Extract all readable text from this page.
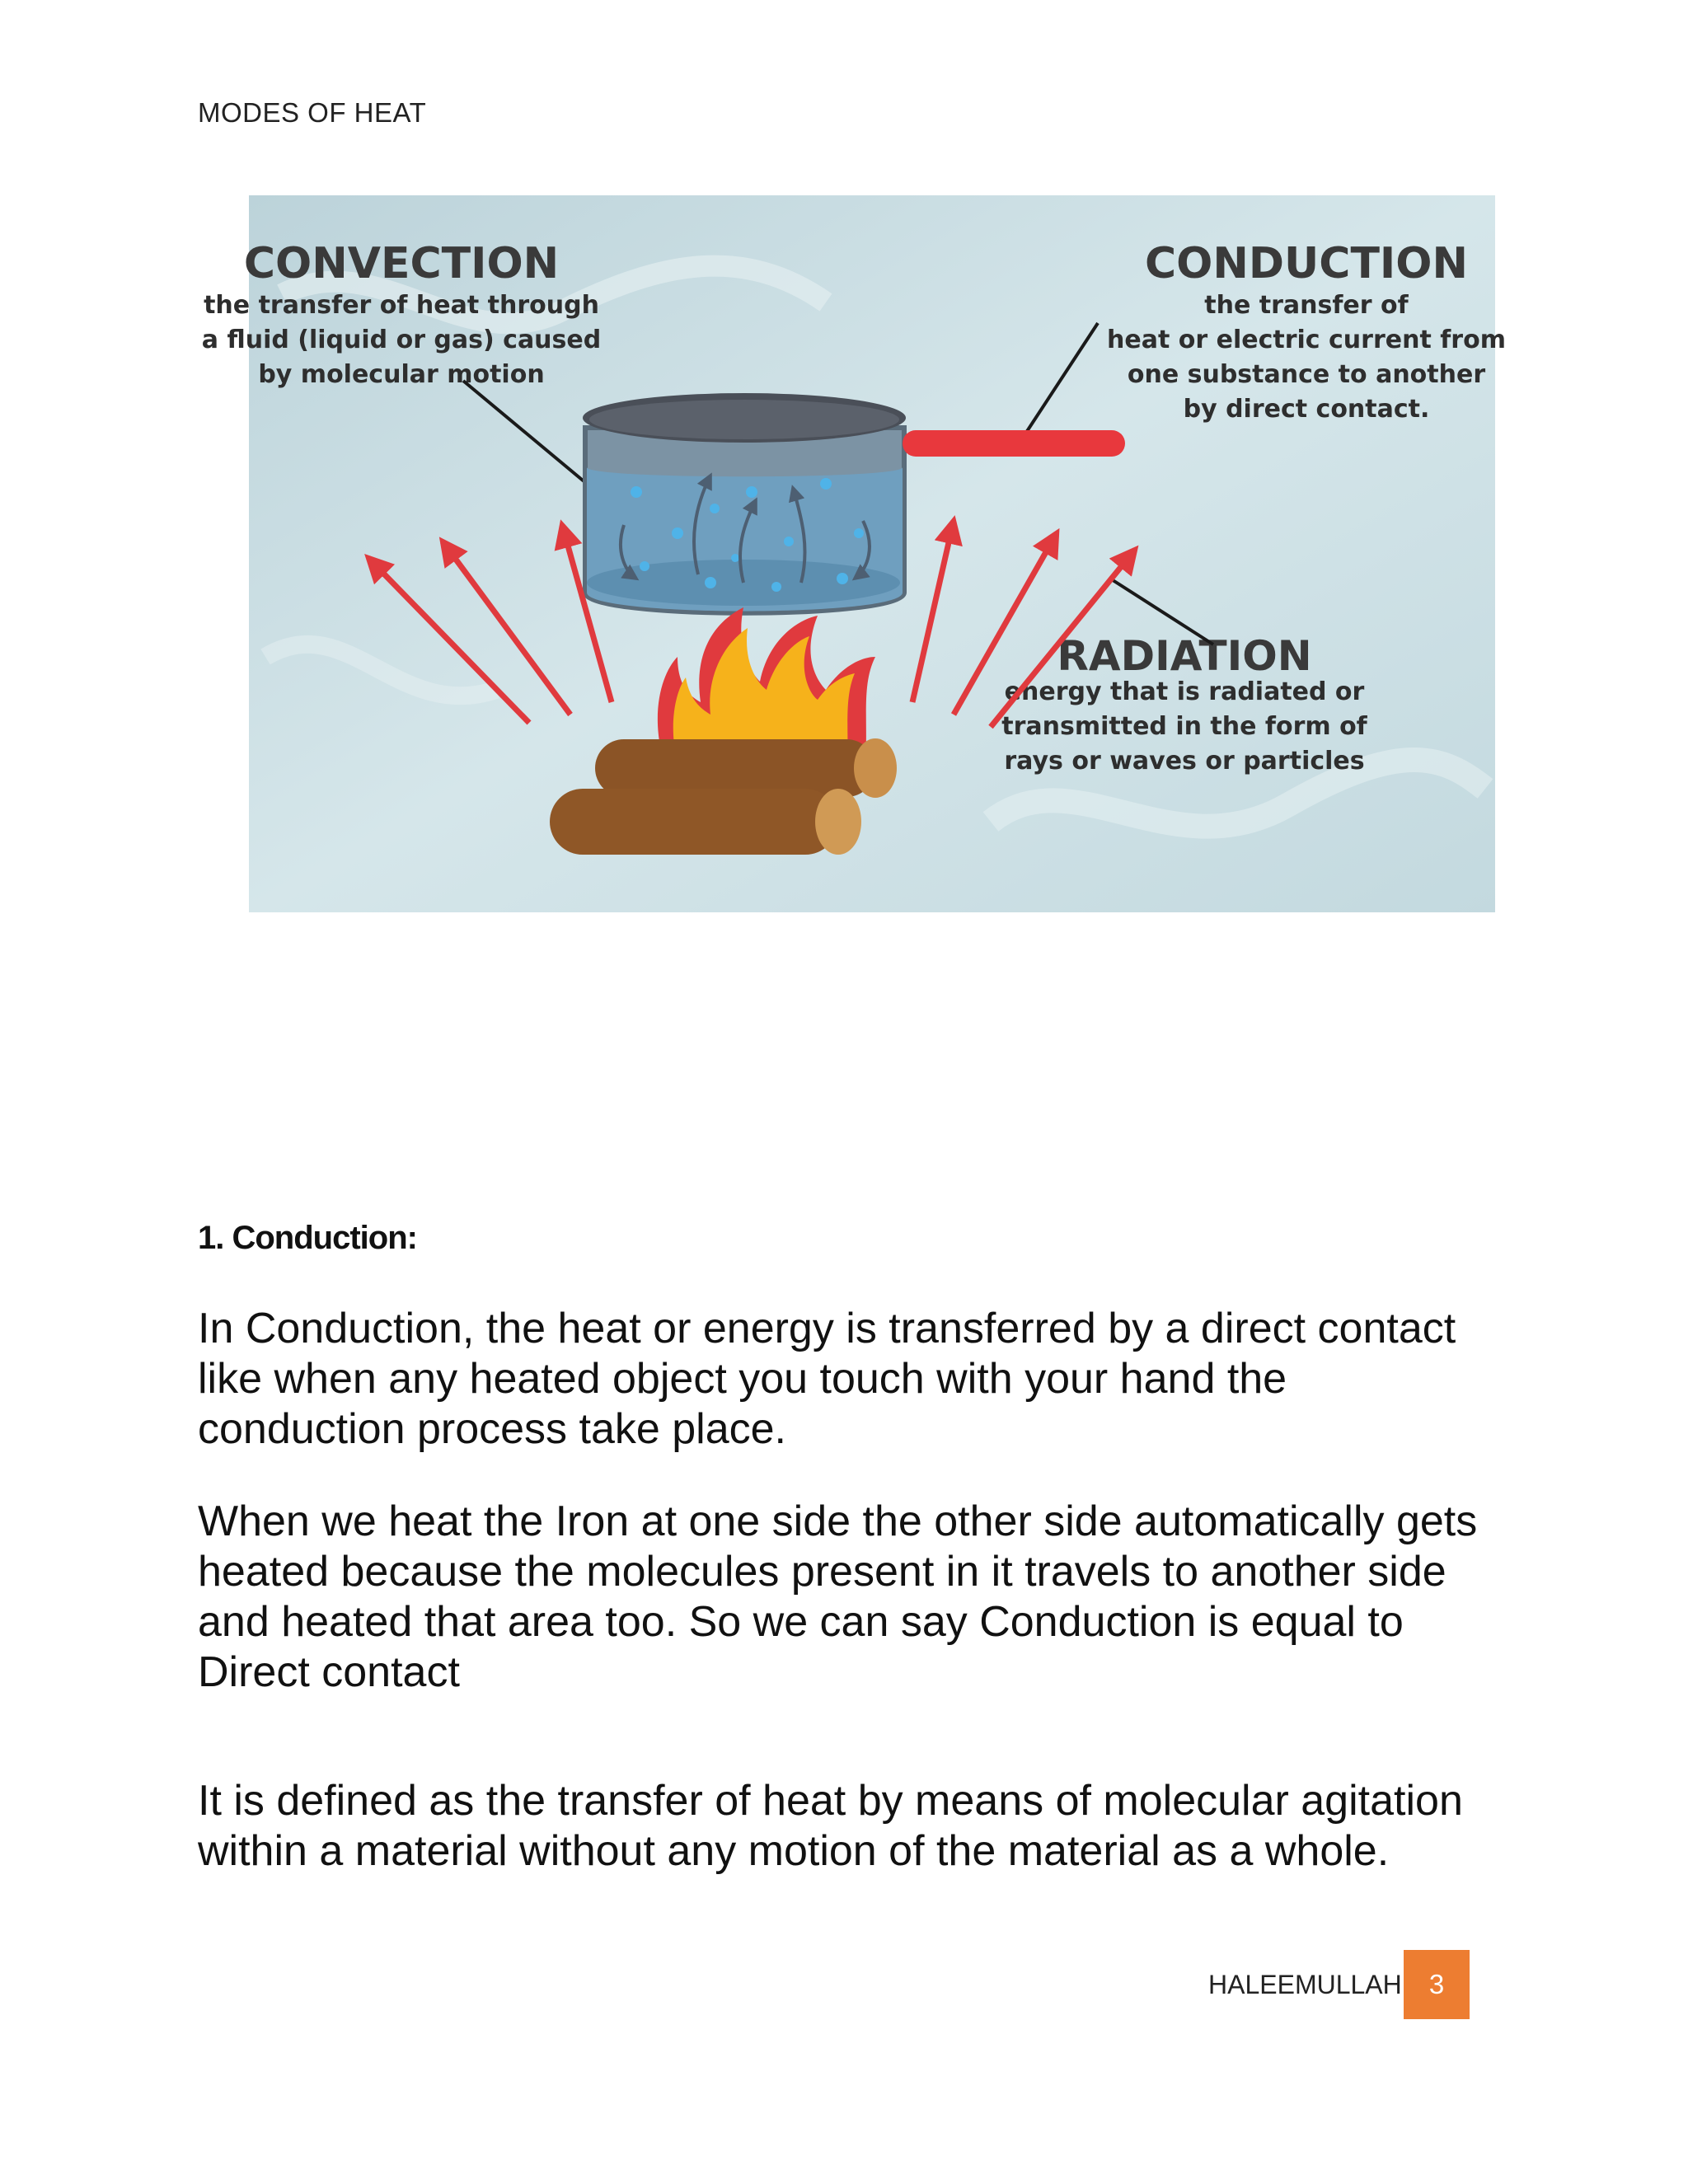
MODES OF HEAT
CONVECTION
the transfer of heat through
a fluid (liquid or gas) caused
by molecular motion
CONDUCTION
the transfer of
heat or electric current from
one substance to another
by direct contact.
RADIATION
energy that is radiated or
transmitted in the form of
rays or waves or particles
1. Conduction:

In Conduction, the heat or energy is transferred by a direct contact like when any heated object you touch with your hand the conduction process take place.

When we heat the Iron at one side the other side automatically gets heated because the molecules present in it travels to another side and heated that area too. So we can say Conduction is equal to Direct contact

It is defined as the transfer of heat by means of molecular agitation within a material without any motion of the material as a whole.

HALEEMULLAH 3
